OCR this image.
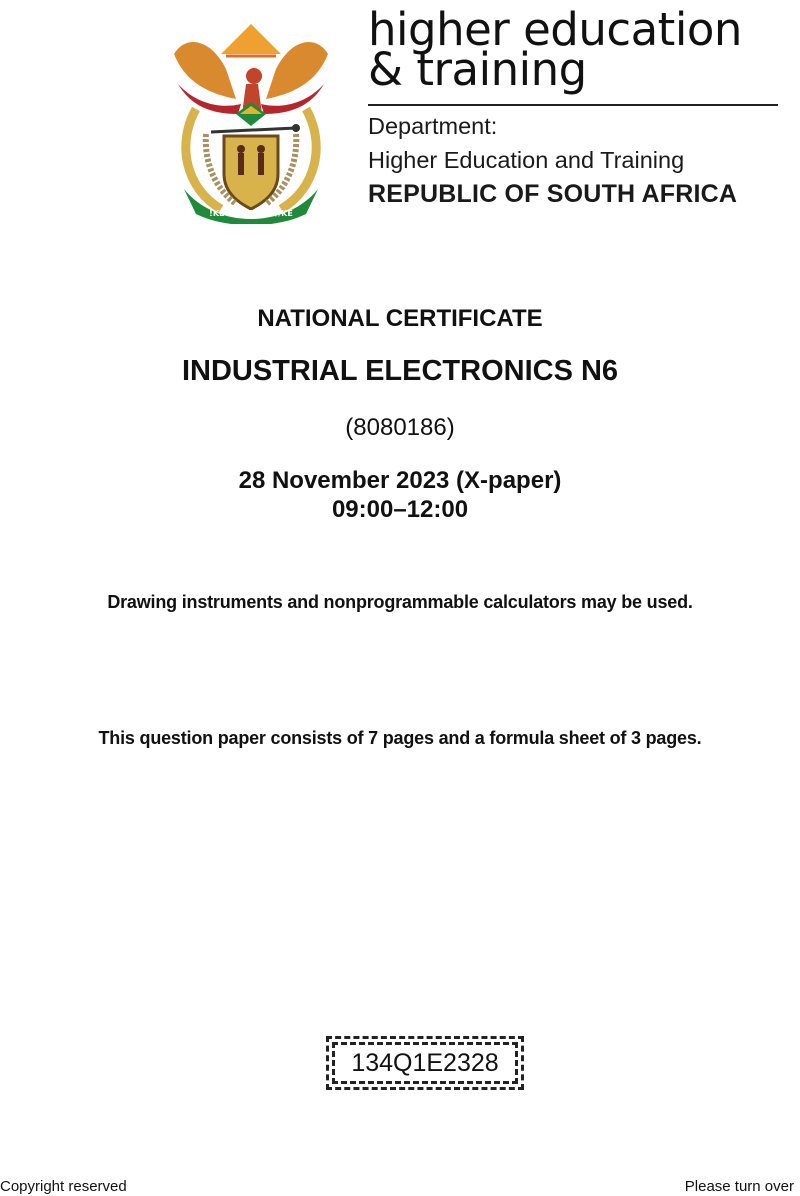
!KE E: /XARRA //KE
higher education
& training
Department:
Higher Education and Training
REPUBLIC OF SOUTH AFRICA
NATIONAL CERTIFICATE
INDUSTRIAL ELECTRONICS N6
(8080186)
28 November 2023 (X-paper)
09:00–12:00
Drawing instruments and nonprogrammable calculators may be used.
This question paper consists of 7 pages and a formula sheet of 3 pages.
134Q1E2328
Copyright reserved	Please turn over
